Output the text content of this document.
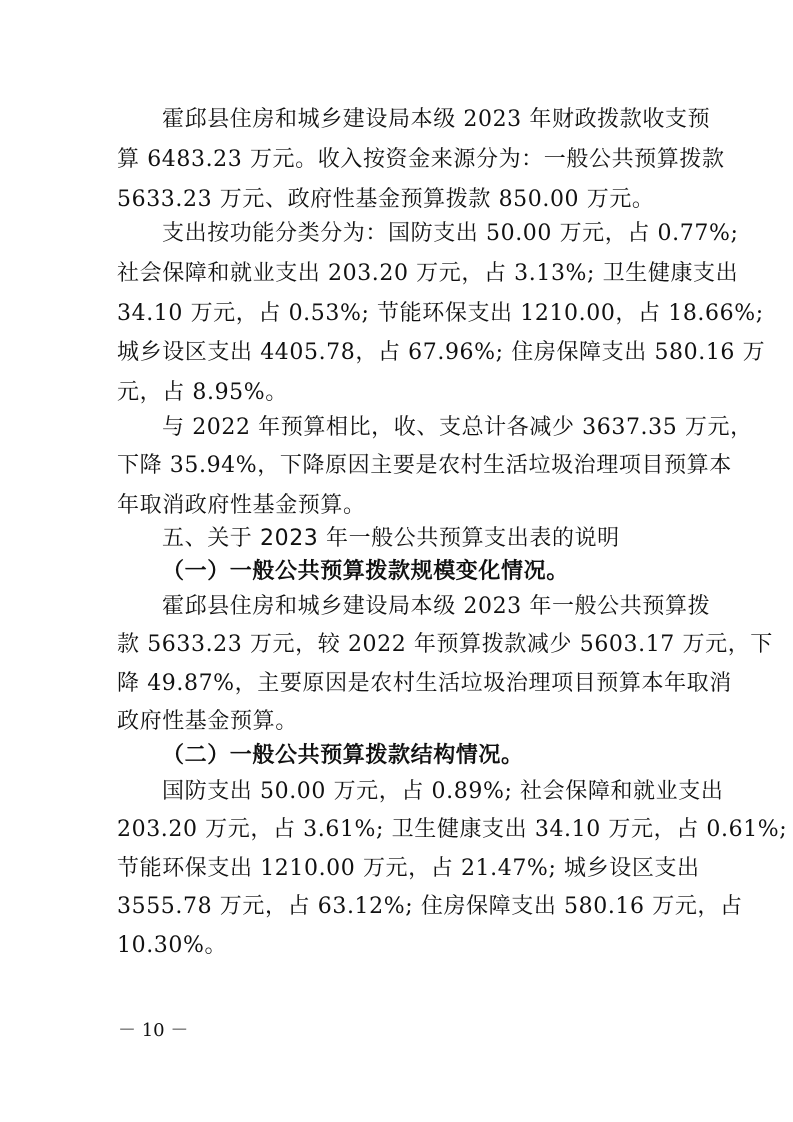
霍邱县住房和城乡建设局本级 2023 年财政拨款收支预
算 6483.23 万元。收入按资金来源分为：一般公共预算拨款
5633.23 万元、政府性基金预算拨款 850.00 万元。
支出按功能分类分为：国防支出 50.00 万元，占 0.77%;
社会保障和就业支出 203.20 万元，占 3.13%; 卫生健康支出
34.10 万元，占 0.53%; 节能环保支出 1210.00，占 18.66%;
城乡设区支出 4405.78，占 67.96%; 住房保障支出 580.16 万
元，占 8.95%。
与 2022 年预算相比，收、支总计各减少 3637.35 万元，
下降 35.94%，下降原因主要是农村生活垃圾治理项目预算本
年取消政府性基金预算。
五、关于 2023 年一般公共预算支出表的说明
（一）一般公共预算拨款规模变化情况。
霍邱县住房和城乡建设局本级 2023 年一般公共预算拨
款 5633.23 万元，较 2022 年预算拨款减少 5603.17 万元，下
降 49.87%，主要原因是农村生活垃圾治理项目预算本年取消
政府性基金预算。
（二）一般公共预算拨款结构情况。
国防支出 50.00 万元，占 0.89%; 社会保障和就业支出
203.20 万元，占 3.61%; 卫生健康支出 34.10 万元，占 0.61%;
节能环保支出 1210.00 万元，占 21.47%; 城乡设区支出
3555.78 万元，占 63.12%; 住房保障支出 580.16 万元，占
10.30%。
－ 10 －
